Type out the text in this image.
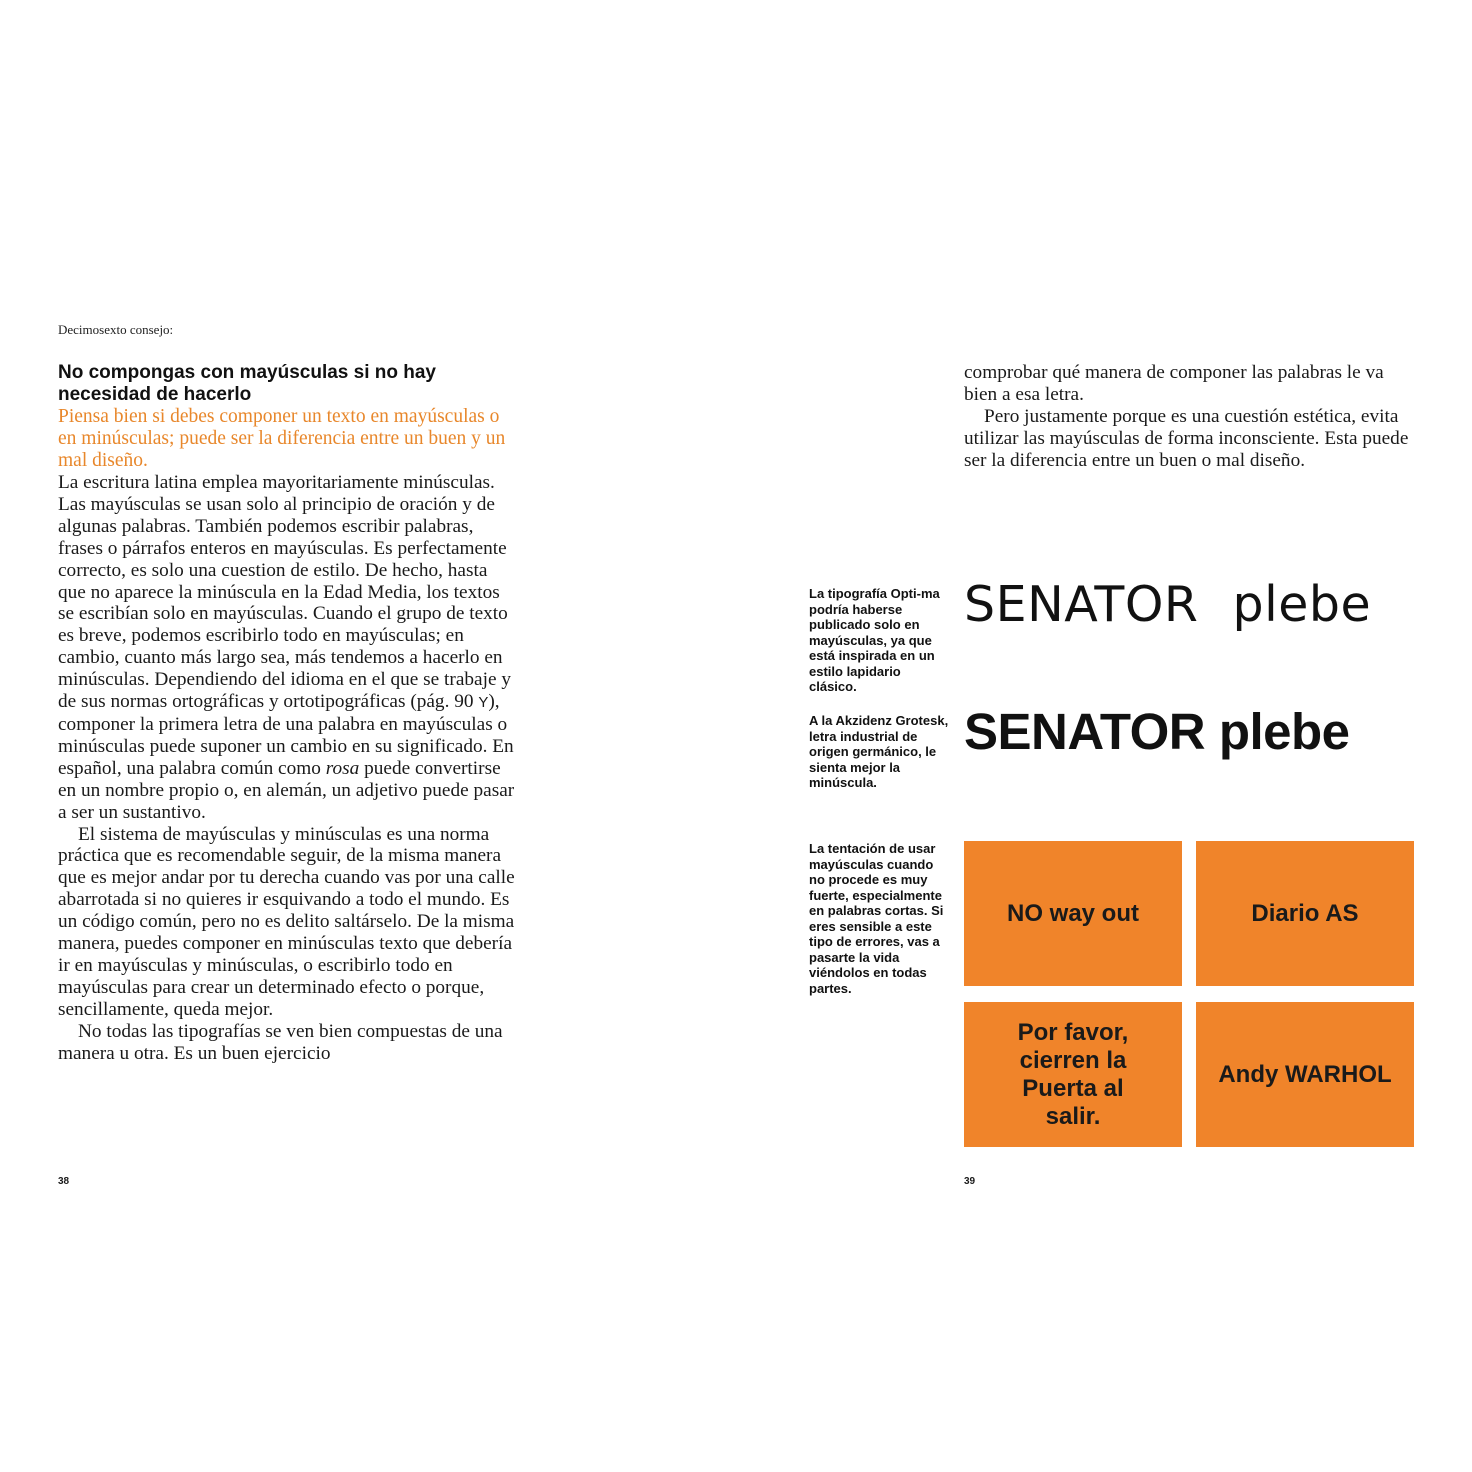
Decimosexto consejo:
No compongas con mayúsculas si no hay necesidad de hacerlo
Piensa bien si debes componer un texto en mayúsculas o en minúsculas; puede ser la diferencia entre un buen y un mal diseño.

La escritura latina emplea mayoritariamente minúsculas. Las mayúsculas se usan solo al principio de oración y de algunas palabras. También podemos escribir palabras, frases o párrafos enteros en mayúsculas. Es perfectamente correcto, es solo una cuestion de estilo. De hecho, hasta que no aparece la minúscula en la Edad Media, los textos se escribían solo en mayúsculas. Cuando el grupo de texto es breve, podemos escribirlo todo en mayúsculas; en cambio, cuanto más largo sea, más tendemos a hacerlo en minúsculas. Dependiendo del idioma en el que se trabaje y de sus normas ortográficas y ortotipográficas (pág. 90 Y), componer la primera letra de una palabra en mayúsculas o minúsculas puede suponer un cambio en su significado. En español, una palabra común como rosa puede convertirse en un nombre propio o, en alemán, un adjetivo puede pasar a ser un sustantivo.

El sistema de mayúsculas y minúsculas es una norma práctica que es recomendable seguir, de la misma manera que es mejor andar por tu derecha cuando vas por una calle abarrotada si no quieres ir esquivando a todo el mundo. Es un código común, pero no es delito saltárselo. De la misma manera, puedes componer en minúsculas texto que debería ir en mayúsculas y minúsculas, o escribirlo todo en mayúsculas para crear un determinado efecto o porque, sencillamente, queda mejor.

No todas las tipografías se ven bien compuestas de una manera u otra. Es un buen ejercicio

38

comprobar qué manera de componer las palabras le va bien a esa letra.

Pero justamente porque es una cuestión estética, evita utilizar las mayúsculas de forma inconsciente. Esta puede ser la diferencia entre un buen o mal diseño.

La tipografía Opti-ma podría haberse publicado solo en mayúsculas, ya que está inspirada en un estilo lapidario clásico.
A la Akzidenz Grotesk, letra industrial de origen germánico, le sienta mejor la minúscula.
La tentación de usar mayúsculas cuando no procede es muy fuerte, especialmente en palabras cortas. Si eres sensible a este tipo de errores, vas a pasarte la vida viéndolos en todas partes.
SENATOR plebe
SENATOR plebe
NO way out	Diario AS
Por favor, cierren la Puerta al salir.
Andy WARHOL
39
